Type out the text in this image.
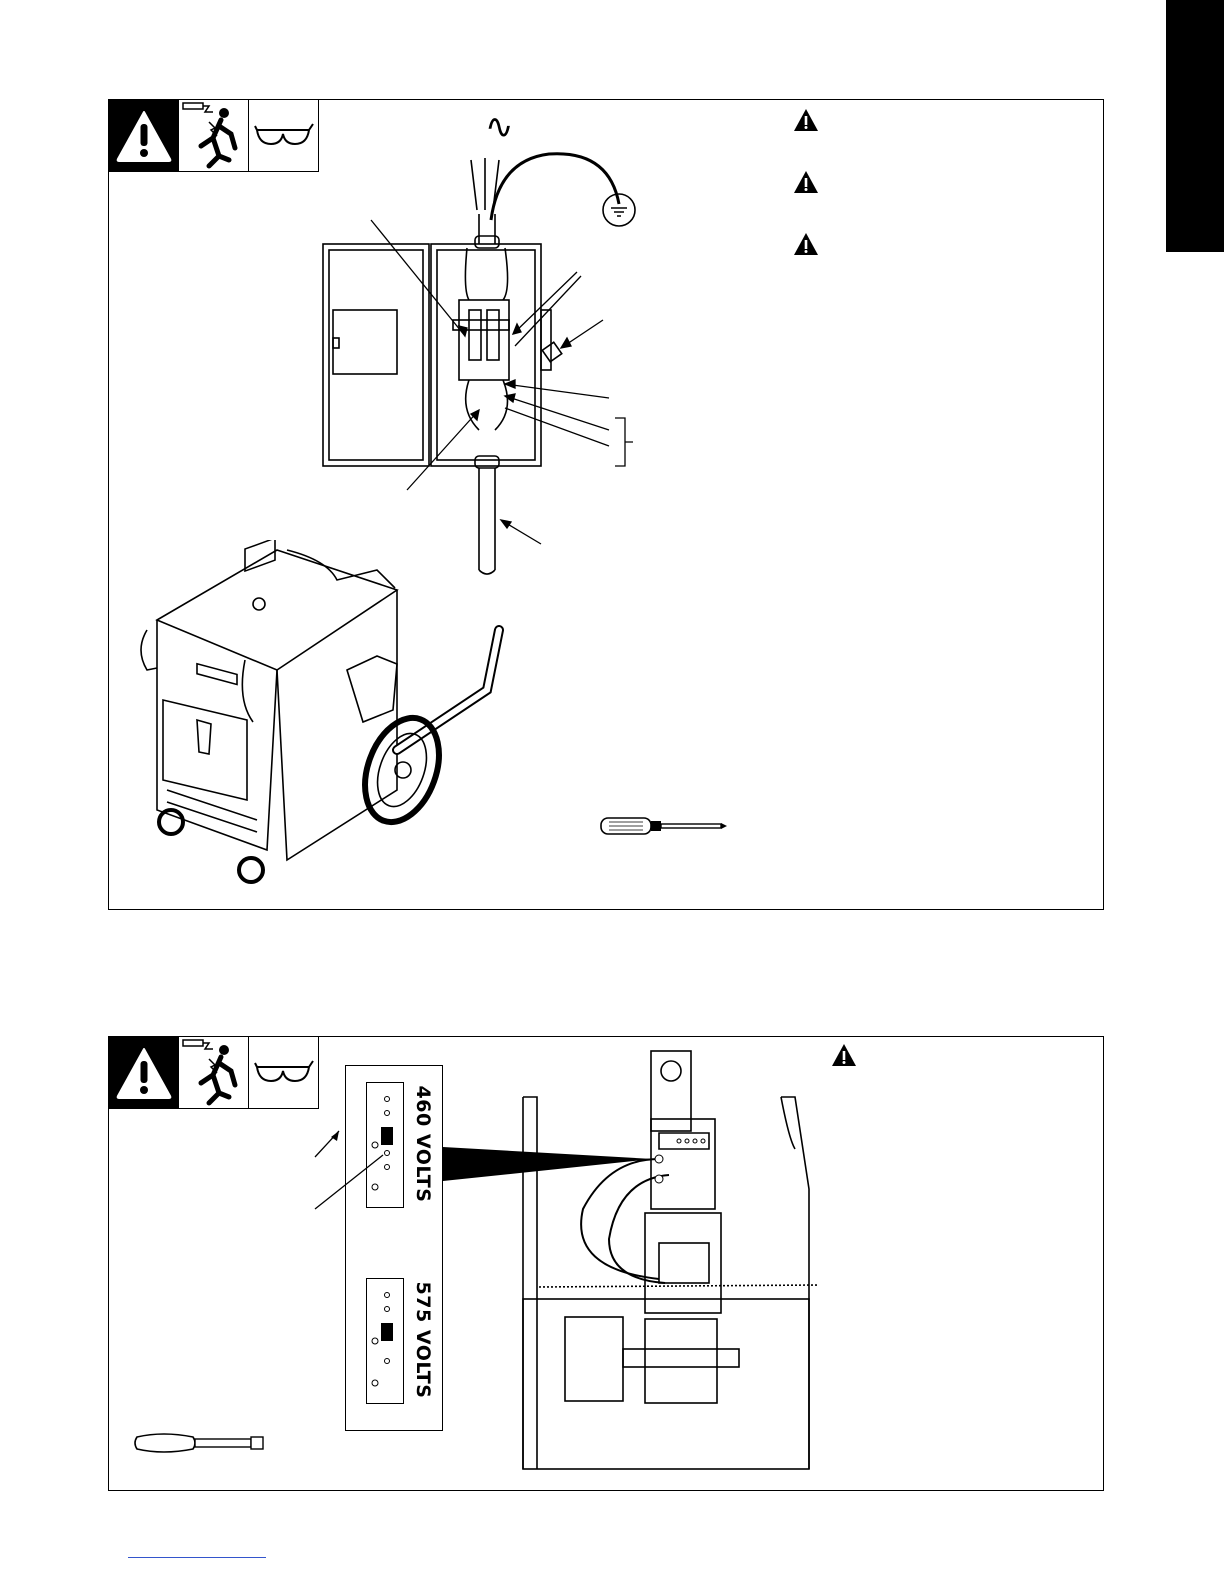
∿
460 VOLTS
575 VOLTS
